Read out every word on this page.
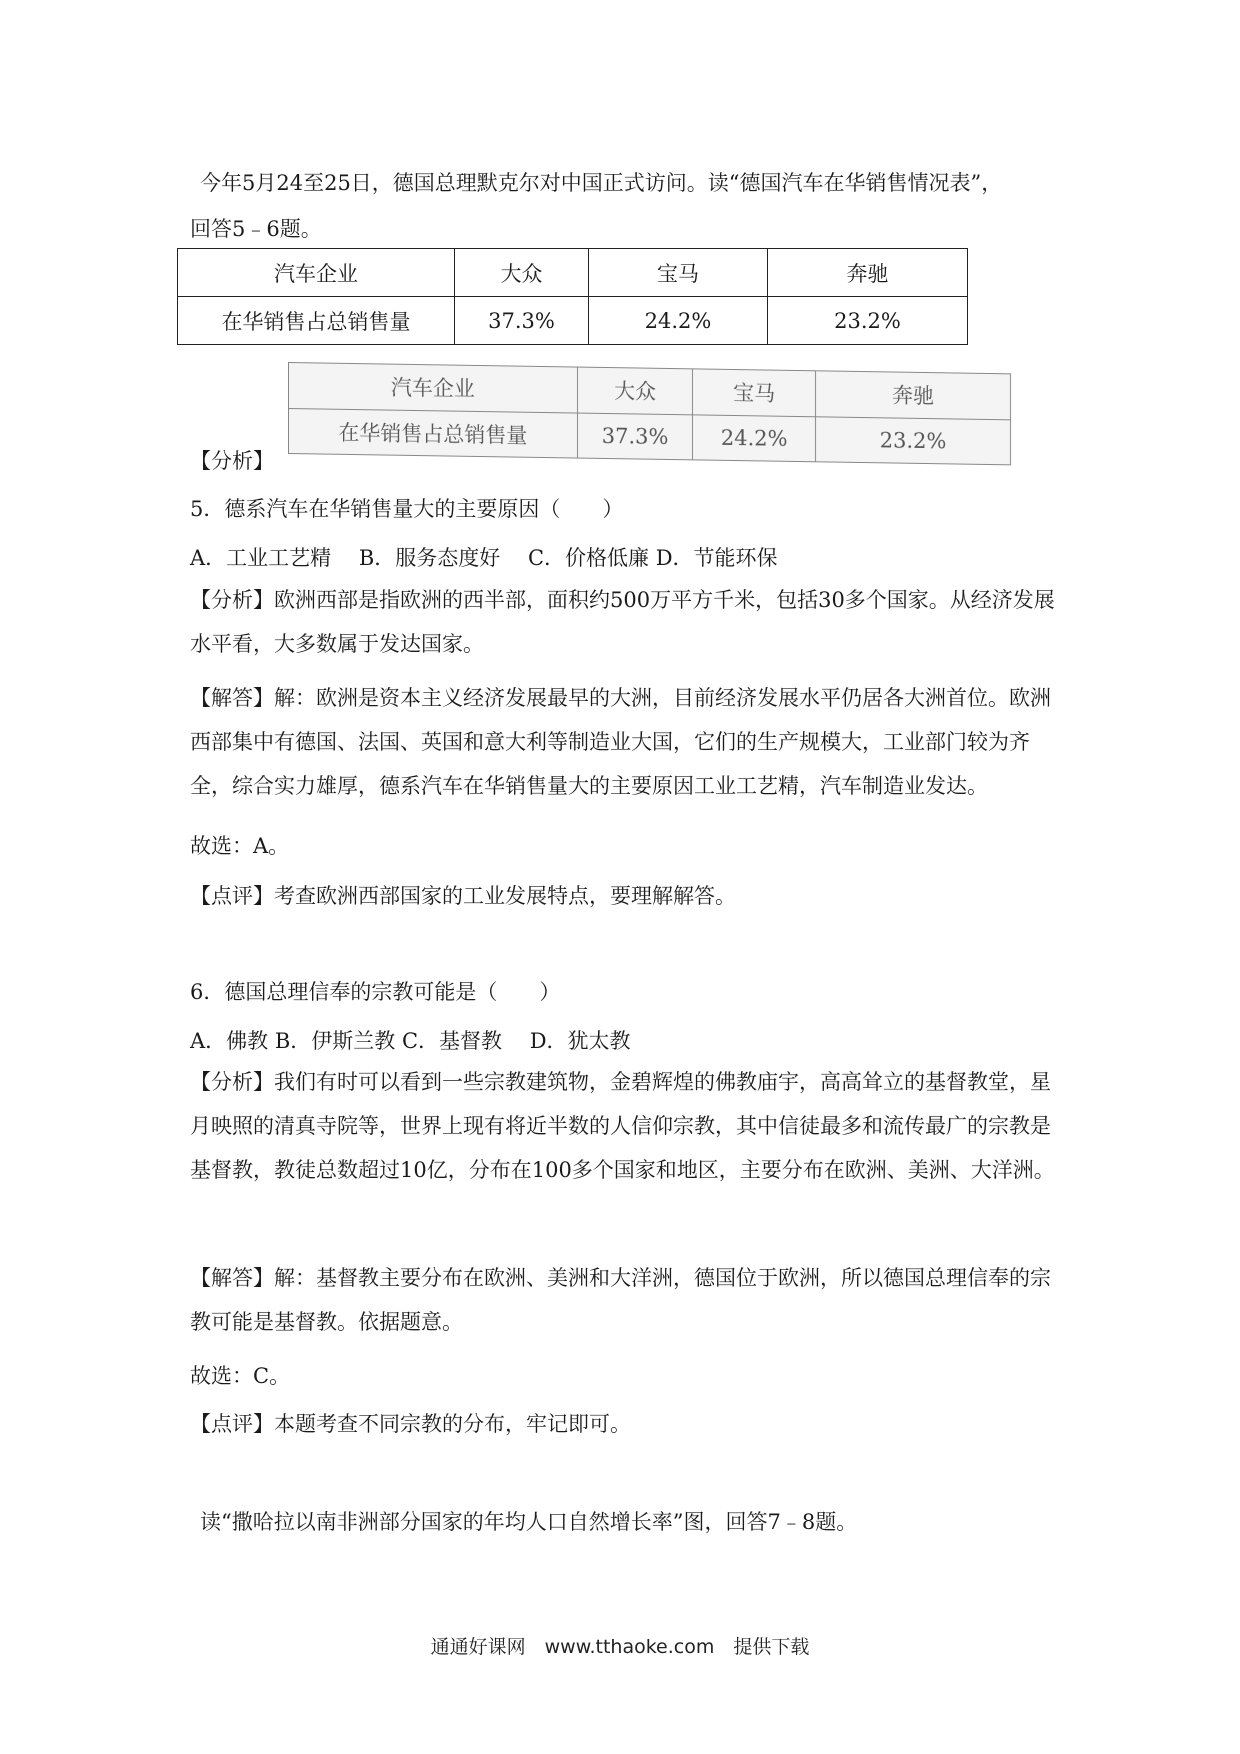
今年5月24至25日，德国总理默克尔对中国正式访问。读“德国汽车在华销售情况表”，
回答5﹣6题。
汽车企业	大众	宝马	奔驰
在华销售占总销售量	37.3%	24.2%	23.2%
汽车企业	大众	宝马	奔驰
在华销售占总销售量	37.3%	24.2%	23.2%
【分析】
5．德系汽车在华销售量大的主要原因（　　）
A．工业工艺精　 B．服务态度好　 C．价格低廉 D．节能环保

【分析】欧洲西部是指欧洲的西半部，面积约500万平方千米，包括30多个国家。从经济发展水平看，大多数属于发达国家。

【解答】解：欧洲是资本主义经济发展最早的大洲，目前经济发展水平仍居各大洲首位。欧洲西部集中有德国、法国、英国和意大利等制造业大国，它们的生产规模大，工业部门较为齐全，综合实力雄厚，德系汽车在华销售量大的主要原因工业工艺精，汽车制造业发达。

故选：A。
【点评】考查欧洲西部国家的工业发展特点，要理解解答。
6．德国总理信奉的宗教可能是（　　）
A．佛教 B．伊斯兰教 C．基督教　 D．犹太教

【分析】我们有时可以看到一些宗教建筑物，金碧辉煌的佛教庙宇，高高耸立的基督教堂，星月映照的清真寺院等，世界上现有将近半数的人信仰宗教，其中信徒最多和流传最广的宗教是基督教，教徒总数超过10亿，分布在100多个国家和地区，主要分布在欧洲、美洲、大洋洲。

【解答】解：基督教主要分布在欧洲、美洲和大洋洲，德国位于欧洲，所以德国总理信奉的宗教可能是基督教。依据题意。

故选：C。
【点评】本题考查不同宗教的分布，牢记即可。
读“撒哈拉以南非洲部分国家的年均人口自然增长率”图，回答7﹣8题。
通通好课网　www.tthaoke.com　提供下载
